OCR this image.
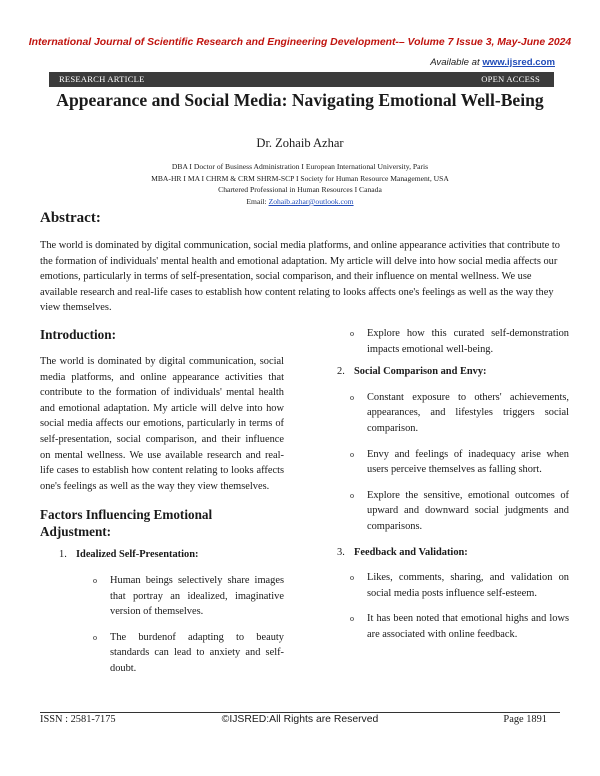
International Journal of Scientific Research and Engineering Development-– Volume 7 Issue 3, May-June 2024
Available at www.ijsred.com
RESEARCH ARTICLE	OPEN ACCESS
Appearance and Social Media: Navigating Emotional Well-Being
Dr. Zohaib Azhar
DBA I Doctor of Business Administration I European International University, Paris
MBA-HR I MA I CHRM & CRM SHRM-SCP I Society for Human Resource Management, USA
Chartered Professional in Human Resources I Canada
Email: Zohaib.azhar@outlook.com
Abstract:
The world is dominated by digital communication, social media platforms, and online appearance activities that contribute to the formation of individuals' mental health and emotional adaptation. My article will delve into how social media affects our emotions, particularly in terms of self-presentation, social comparison, and their influence on mental wellness. We use available research and real-life cases to establish how content relating to looks affects one's feelings as well as the way they view themselves.

Introduction:

The world is dominated by digital communication, social media platforms, and online appearance activities that contribute to the formation of individuals' mental health and emotional adaptation. My article will delve into how social media affects our emotions, particularly in terms of self-presentation, social comparison, and their influence on mental wellness. We use available research and real-life cases to establish how content relating to looks affects one's feelings as well as the way they view themselves.

Factors Influencing Emotional Adjustment:

1. Idealized Self-Presentation:
o Human beings selectively share images that portray an idealized, imaginative version of themselves.
o The burdenof adapting to beauty standards can lead to anxiety and self-doubt.
o Explore how this curated self-demonstration impacts emotional well-being.
2. Social Comparison and Envy:
o Constant exposure to others' achievements, appearances, and lifestyles triggers social comparison.
o Envy and feelings of inadequacy arise when users perceive themselves as falling short.
o Explore the sensitive, emotional outcomes of upward and downward social judgments and comparisons.
3. Feedback and Validation:
o Likes, comments, sharing, and validation on social media posts influence self-esteem.
o It has been noted that emotional highs and lows are associated with online feedback.
ISSN : 2581-7175	©IJSRED:All Rights are Reserved	Page 1891
